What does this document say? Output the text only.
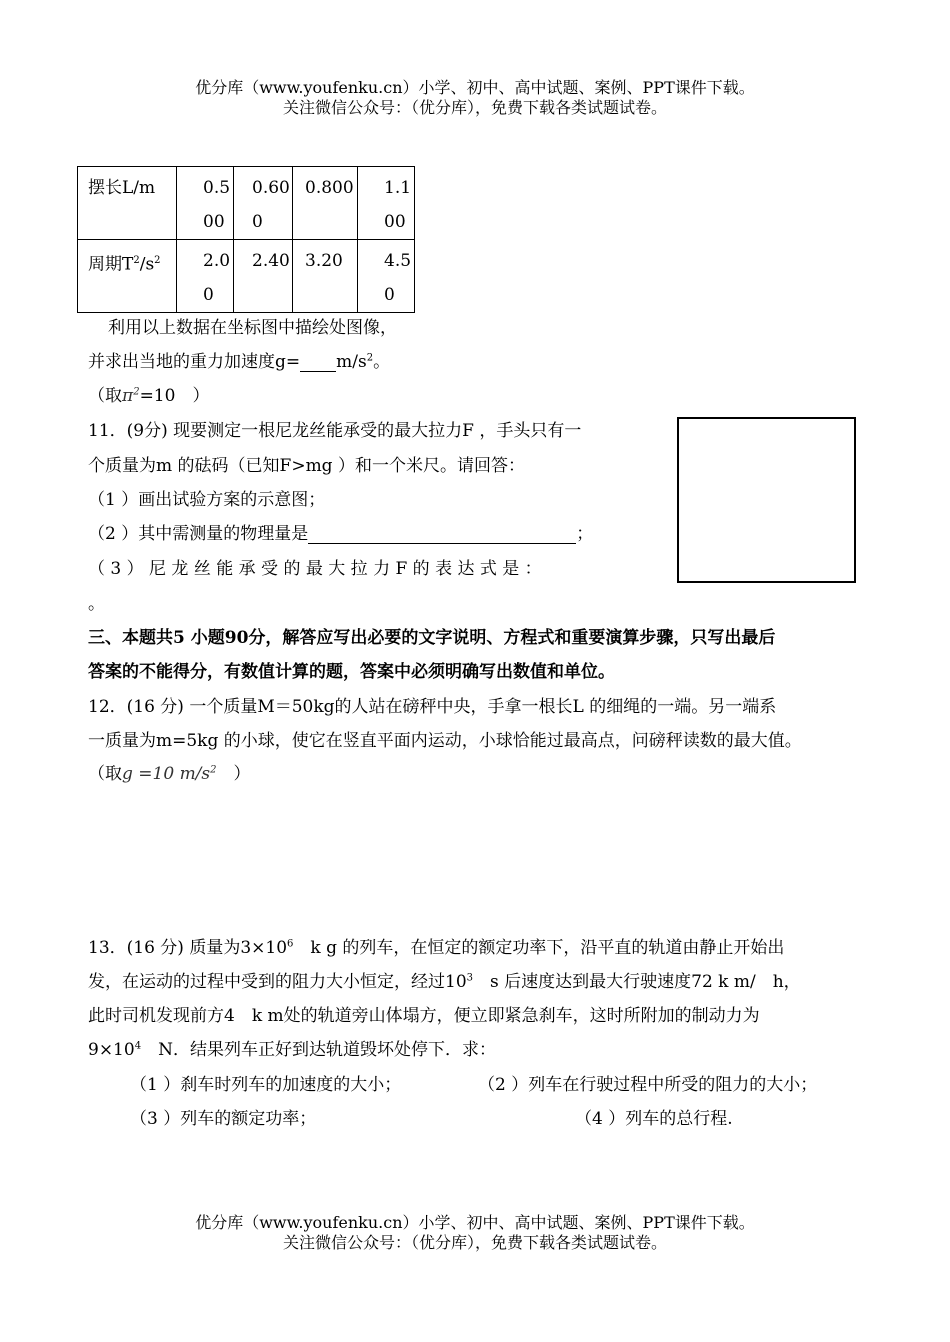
优分库（www.youfenku.cn）小学、初中、高中试题、案例、PPT课件下载。
关注微信公众号：（优分库），免费下载各类试题试卷。
摆长L/m	0.500	0.600	0.800	1.100
周期$T^2/s^2$	2.00	2.40	3.20	4.50
利用以上数据在坐标图中描绘处图像，
并求出当地的重力加速度$g= m/s^2$。
（取$\pi^2=10$　）
11．(9分) 现要测定一根尼龙丝能承受的最大拉力F ，手头只有一
个质量为m 的砝码（已知F>mg ）和一个米尺。请回答：
（1 ）画出试验方案的示意图；
（2 ）其中需测量的物理量是	；
（ 3 ） 尼 龙 丝 能 承 受 的 最 大 拉 力 F 的 表 达 式 是 ：
。
三、本题共5 小题90分，解答应写出必要的文字说明、方程式和重要演算步骤，只写出最后
答案的不能得分，有数值计算的题，答案中必须明确写出数值和单位。
12．(16 分) 一个质量M＝50kg的人站在磅秤中央，手拿一根长L 的细绳的一端。另一端系
一质量为m=5kg 的小球，使它在竖直平面内运动，小球恰能过最高点，问磅秤读数的最大值。
（取g =10 $m/s^2$　）
13．(16 分) 质量为$3\times 10^6$　k g 的列车，在恒定的额定功率下，沿平直的轨道由静止开始出
发，在运动的过程中受到的阻力大小恒定，经过$10^3$　s 后速度达到最大行驶速度72 k m/　h，
此时司机发现前方4　k m处的轨道旁山体塌方，便立即紧急刹车，这时所附加的制动力为
$9\times 10^4$　N．结果列车正好到达轨道毁坏处停下．求：
（1 ）刹车时列车的加速度的大小；	（2 ）列车在行驶过程中所受的阻力的大小；
（3 ）列车的额定功率；	（4 ）列车的总行程.
优分库（www.youfenku.cn）小学、初中、高中试题、案例、PPT课件下载。
关注微信公众号：（优分库），免费下载各类试题试卷。
